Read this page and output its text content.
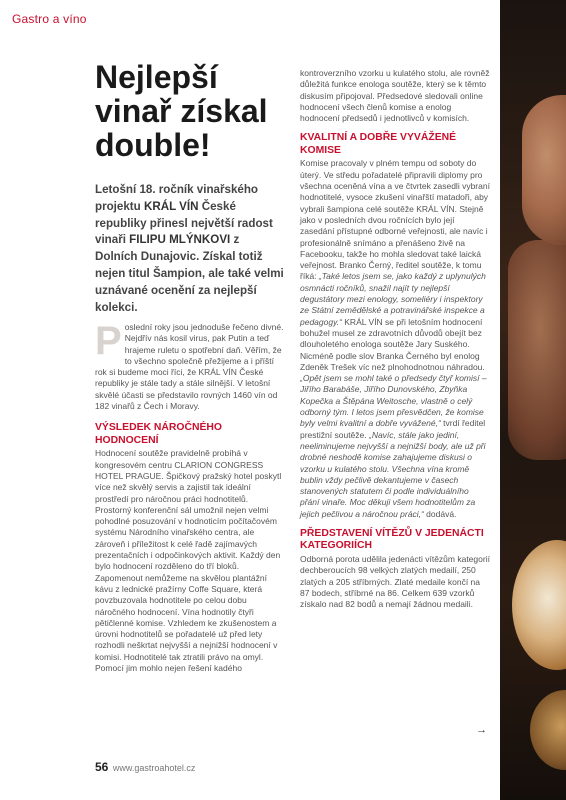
Gastro a víno
Nejlepší vinař získal double!

Letošní 18. ročník vinařského projektu KRÁL VÍN České republiky přinesl největší radost vinaři FILIPU MLÝNKOVI z Dolních Dunajovic. Získal totiž nejen titul Šampion, ale také velmi uznávané ocenění za nejlepší kolekci.

Poslední roky jsou jednoduše řečeno divné. Nejdřív nás kosil virus, pak Putin a teď hrajeme ruletu o spotřební daň. Věřím, že to všechno společně přežijeme a i příští rok si budeme moci říci, že KRÁL VÍN České republiky je stále tady a stále silnější. V letošní skvělé účasti se představilo rovných 1460 vín od 182 vinařů z Čech i Moravy.

VÝSLEDEK NÁROČNÉHO HODNOCENÍ

Hodnocení soutěže pravidelně probíhá v kongresovém centru CLARION CONGRESS HOTEL PRAGUE. Špičkový pražský hotel poskytl více než skvělý servis a zajistil tak ideální prostředí pro náročnou práci hodnotitelů. Prostorný konferenční sál umožnil nejen velmi pohodlné posuzování v hodnoticím počítačovém systému Národního vinařského centra, ale zároveň i příležitost k celé řadě zajímavých prezentačních i odpočinkových aktivit. Každý den bylo hodnocení rozděleno do tří bloků. Zapomenout nemůžeme na skvělou plantážní kávu z lednické pražírny Coffe Square, která povzbuzovala hodnotitele po celou dobu náročného hodnocení. Vína hodnotily čtyři pětičlenné komise. Vzhledem ke zkušenostem a úrovni hodnotitelů se pořadatelé už před lety rozhodli neškrtat nejvyšší a nejnižší hodnocení v komisi. Hodnotitelé tak ztratili právo na omyl. Pomocí jim mohlo nejen řešení kadého

kontroverzního vzorku u kulatého stolu, ale rovněž důležitá funkce enologa soutěže, který se k těmto diskusím připojoval. Předsedové sledovali online hodnocení všech členů komise a enolog hodnocení předsedů i jednotlivců v komisích.

KVALITNÍ A DOBŘE VYVÁŽENÉ KOMISE

Komise pracovaly v plném tempu od soboty do úterý. Ve středu pořadatelé připravili diplomy pro všechna oceněná vína a ve čtvrtek zasedli vybraní hodnotitelé, vysoce zkušení vinařští matadoři, aby vybrali šampiona celé soutěže KRÁL VÍN. Stejně jako v posledních dvou ročnících bylo její zasedání přístupné odborné veřejnosti, ale navíc i profesionálně snímáno a přenášeno živě na Facebooku, takže ho mohla sledovat také laická veřejnost. Branko Černý, ředitel soutěže, k tomu říká: „Také letos jsem se, jako každý z uplynulých osmnácti ročníků, snažil najít ty nejlepší degustátory mezi enology, someliéry i inspektory ze Státní zemědělské a potravinářské inspekce a pedagogy.“ KRÁL VÍN se při letošním hodnocení bohužel musel ze zdravotních důvodů obejít bez dlouholetého enologa soutěže Jary Suského. Nicméně podle slov Branka Černého byl enolog Zdeněk Trešek víc než plnohodnotnou náhradou. „Opět jsem se mohl také o předsedy čtyř komisí – Jiřího Barabáše, Jiřího Dunovského, Zbyňka Kopečka a Štěpána Weitosche, vlastně o celý odborný tým. I letos jsem přesvědčen, že komise byly velmi kvalitní a dobře vyvážené,“ tvrdí ředitel prestižní soutěže. „Navíc, stále jako jediní, neeliminujeme nejvyšší a nejnižší body, ale už při drobné neshodě komise zahajujeme diskusi o vzorku u kulatého stolu. Všechna vína kromě bublin vždy pečlivě dekantujeme v časech stanovených statutem či podle individuálního přání vinaře. Moc děkuji všem hodnotitelům za jejich pečlivou a náročnou práci,“ dodává.

PŘEDSTAVENÍ VÍTĚZŮ V JEDENÁCTI KATEGORIÍCH

Odborná porota udělila jedenácti vítězům kategorií dechberoucích 98 velkých zlatých medailí, 250 zlatých a 205 stříbrných. Zlaté medaile končí na 87 bodech, stříbrné na 86. Celkem 639 vzorků získalo nad 82 bodů a nemají žádnou medaili.

→
56 www.gastroahotel.cz
